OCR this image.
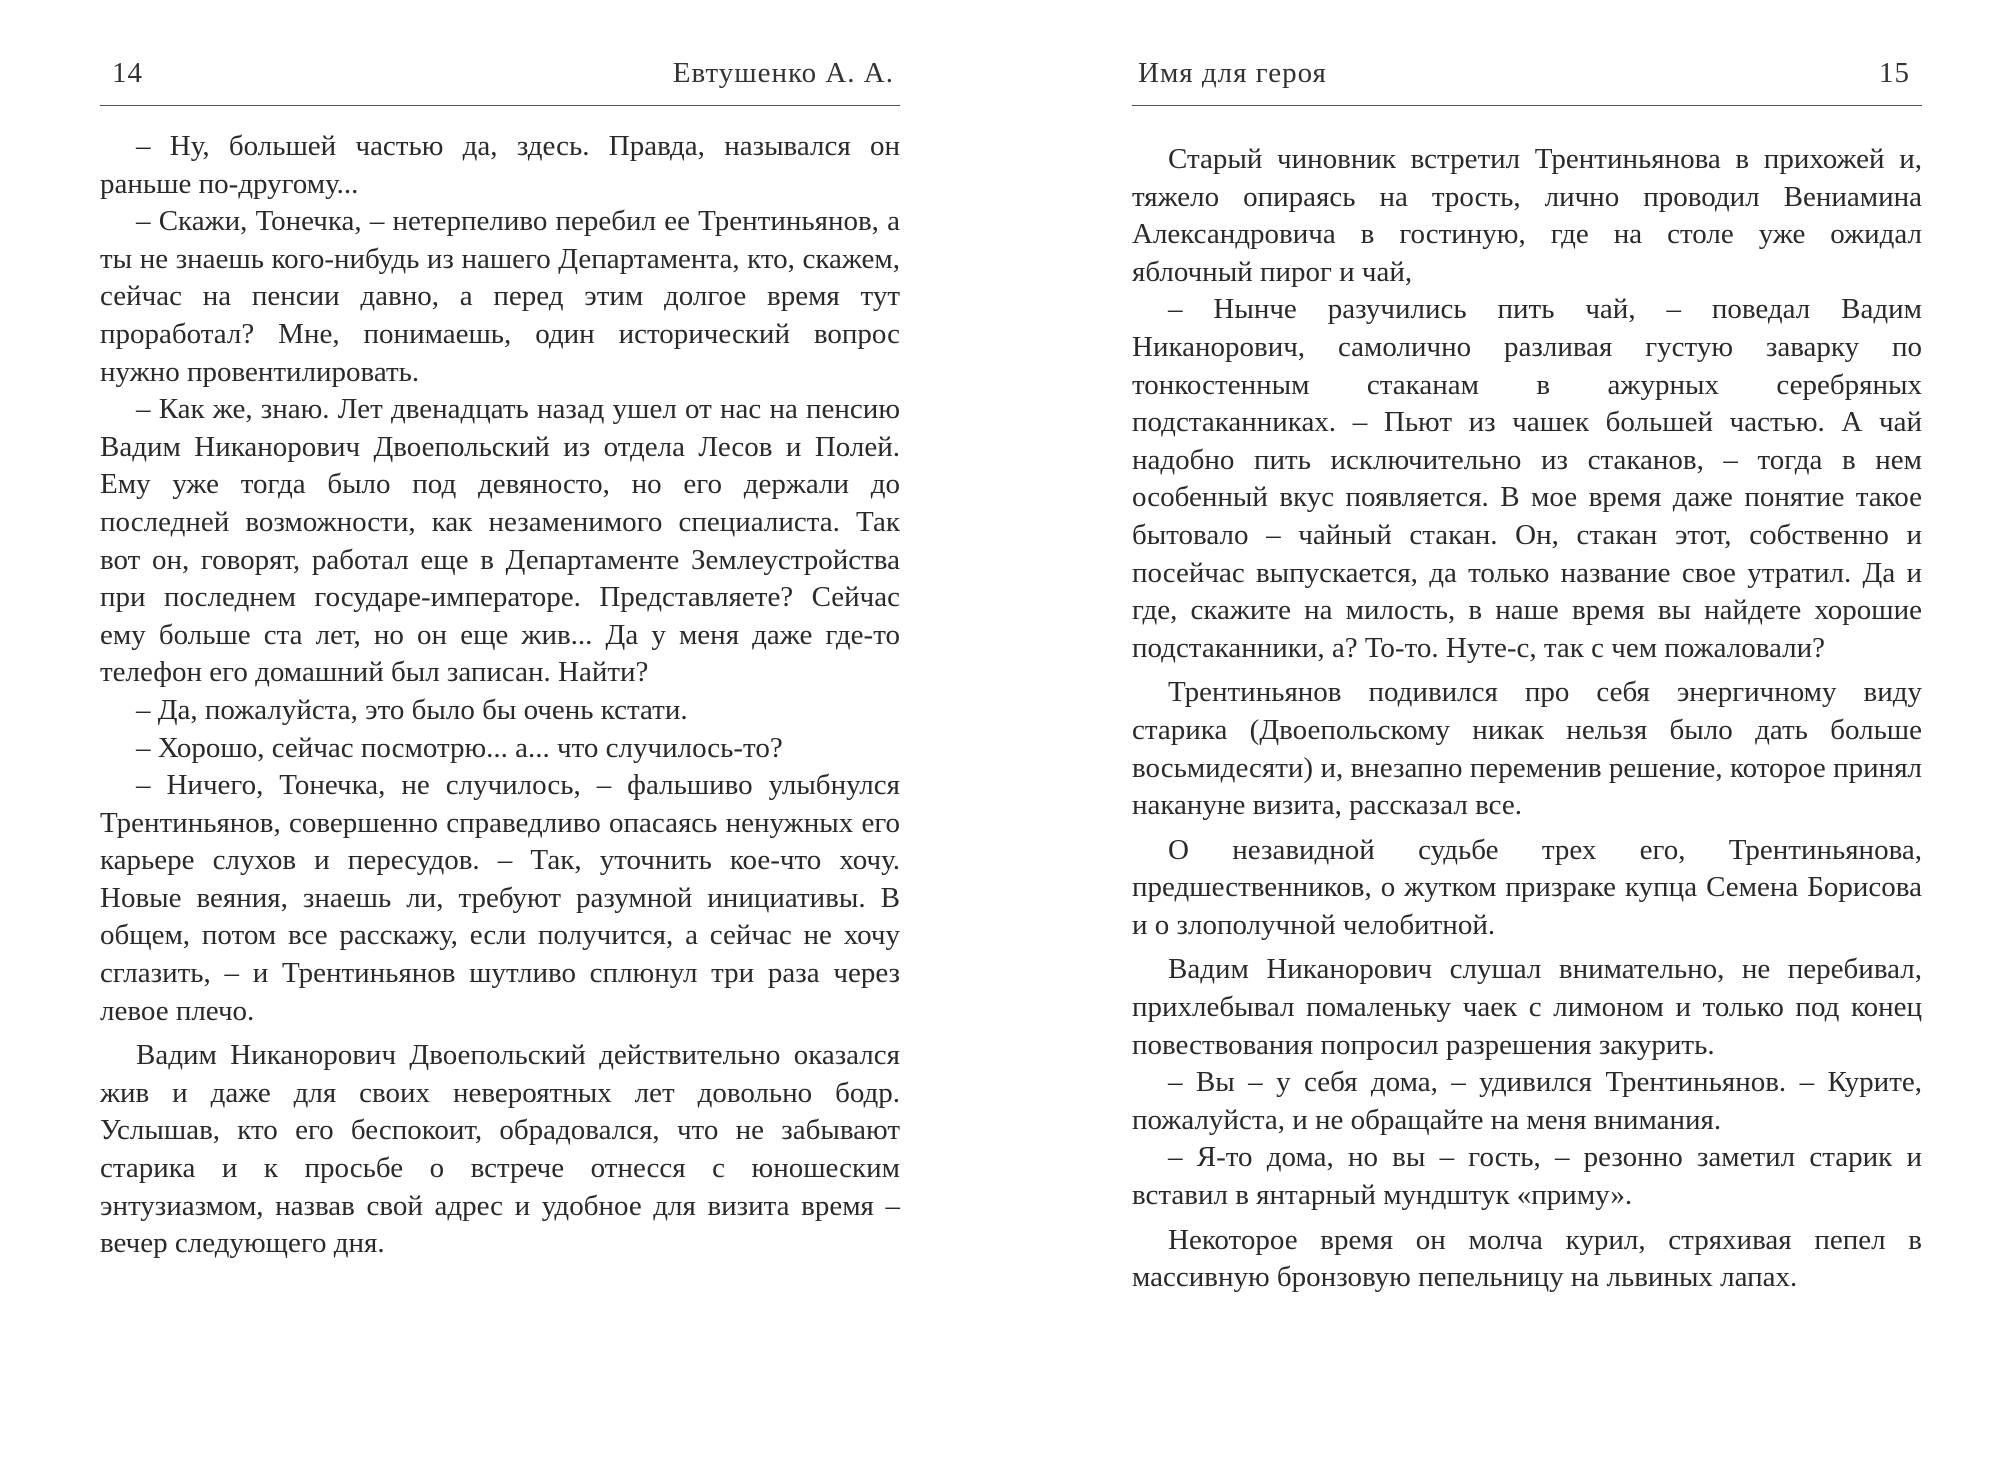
14	Евтушенко А. А.

– Ну, большей частью да, здесь. Правда, назывался он раньше по-другому...

– Скажи, Тонечка, – нетерпеливо перебил ее Трентиньянов, а ты не знаешь кого-нибудь из нашего Департамента, кто, скажем, сейчас на пенсии давно, а перед этим долгое время тут проработал? Мне, понимаешь, один исторический вопрос нужно провентилировать.

– Как же, знаю. Лет двенадцать назад ушел от нас на пенсию Вадим Никанорович Двоепольский из отдела Лесов и Полей. Ему уже тогда было под девяносто, но его держали до последней возможности, как незаменимого специалиста. Так вот он, говорят, работал еще в Департаменте Землеустройства при последнем государе-императоре. Представляете? Сейчас ему больше ста лет, но он еще жив... Да у меня даже где-то телефон его домашний был записан. Найти?

– Да, пожалуйста, это было бы очень кстати.

– Хорошо, сейчас посмотрю... а... что случилось-то?

– Ничего, Тонечка, не случилось, – фальшиво улыбнулся Трентиньянов, совершенно справедливо опасаясь ненужных его карьере слухов и пересудов. – Так, уточнить кое-что хочу. Новые веяния, знаешь ли, требуют разумной инициативы. В общем, потом все расскажу, если получится, а сейчас не хочу сглазить, – и Трентиньянов шутливо сплюнул три раза через левое плечо.

Вадим Никанорович Двоепольский действительно оказался жив и даже для своих невероятных лет довольно бодр. Услышав, кто его беспокоит, обрадовался, что не забывают старика и к просьбе о встрече отнесся с юношеским энтузиазмом, назвав свой адрес и удобное для визита время – вечер следующего дня.

Имя для героя	15

Старый чиновник встретил Трентиньянова в прихожей и, тяжело опираясь на трость, лично проводил Вениамина Александровича в гостиную, где на столе уже ожидал яблочный пирог и чай,

– Нынче разучились пить чай, – поведал Вадим Никанорович, самолично разливая густую заварку по тонкостенным стаканам в ажурных серебряных подстаканниках. – Пьют из чашек большей частью. А чай надобно пить исключительно из стаканов, – тогда в нем особенный вкус появляется. В мое время даже понятие такое бытовало – чайный стакан. Он, стакан этот, собственно и посейчас выпускается, да только название свое утратил. Да и где, скажите на милость, в наше время вы найдете хорошие подстаканники, а? То-то. Нуте-с, так с чем пожаловали?

Трентиньянов подивился про себя энергичному виду старика (Двоепольскому никак нельзя было дать больше восьмидесяти) и, внезапно переменив решение, которое принял накануне визита, рассказал все.

О незавидной судьбе трех его, Трентиньянова, предшественников, о жутком призраке купца Семена Борисова и о злополучной челобитной.

Вадим Никанорович слушал внимательно, не перебивал, прихлебывал помаленьку чаек с лимоном и только под конец повествования попросил разрешения закурить.

– Вы – у себя дома, – удивился Трентиньянов. – Курите, пожалуйста, и не обращайте на меня внимания.

– Я-то дома, но вы – гость, – резонно заметил старик и вставил в янтарный мундштук «приму».

Некоторое время он молча курил, стряхивая пепел в массивную бронзовую пепельницу на львиных лапах.
